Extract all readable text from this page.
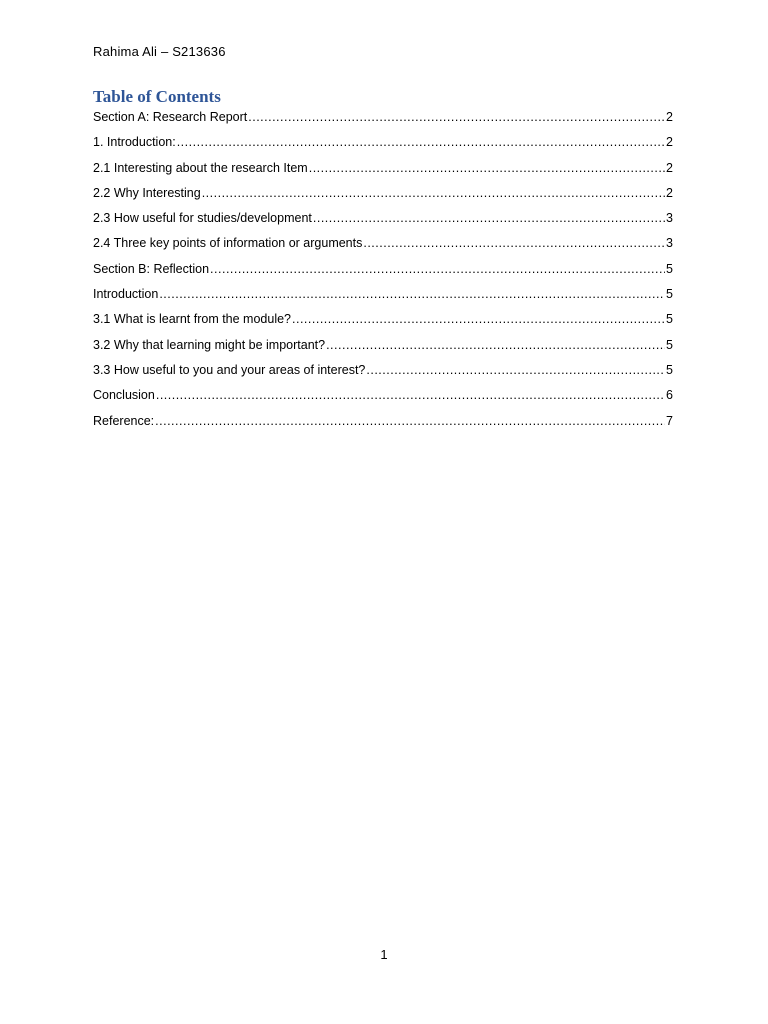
Rahima Ali – S213636
Table of Contents
Section A: Research Report .....	2
1. Introduction: .....	2
2.1 Interesting about the research Item .....	2
2.2 Why Interesting .....	2
2.3 How useful for studies/development .....	3
2.4 Three key points of information or arguments .....	3
Section B: Reflection .....	5
Introduction .....	5
3.1 What is learnt from the module? .....	5
3.2 Why that learning might be important? .....	5
3.3 How useful to you and your areas of interest? .....	5
Conclusion .....	6
Reference: .....	7
1
